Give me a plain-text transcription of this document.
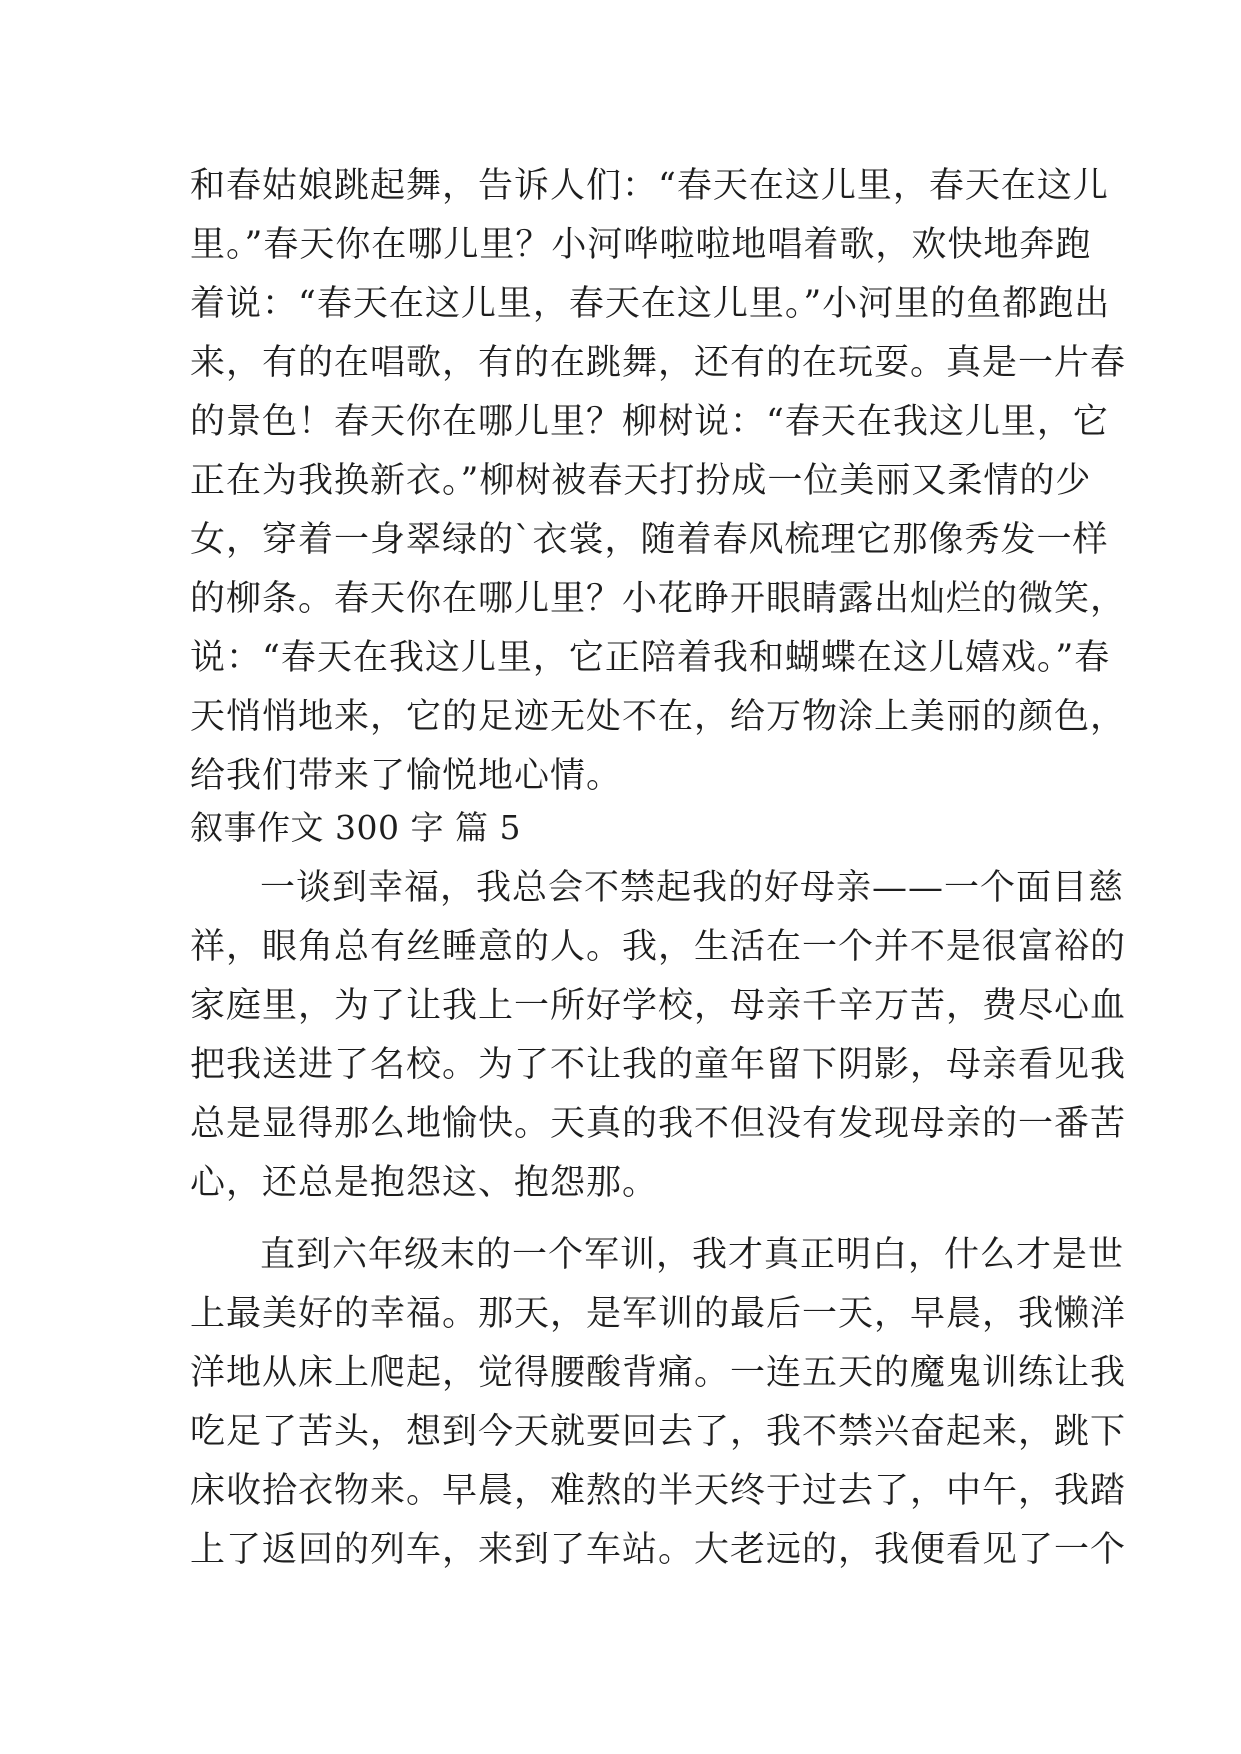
和春姑娘跳起舞，告诉人们：“春天在这儿里，春天在这儿
里。”春天你在哪儿里？小河哗啦啦地唱着歌，欢快地奔跑
着说：“春天在这儿里，春天在这儿里。”小河里的鱼都跑出
来，有的在唱歌，有的在跳舞，还有的在玩耍。真是一片春
的景色！春天你在哪儿里？柳树说：“春天在我这儿里，它
正在为我换新衣。”柳树被春天打扮成一位美丽又柔情的少
女，穿着一身翠绿的`衣裳，随着春风梳理它那像秀发一样
的柳条。春天你在哪儿里？小花睁开眼睛露出灿烂的微笑，
说：“春天在我这儿里，它正陪着我和蝴蝶在这儿嬉戏。”春
天悄悄地来，它的足迹无处不在，给万物涂上美丽的颜色，
给我们带来了愉悦地心情。
叙事作文 300 字 篇 5
一谈到幸福，我总会不禁起我的好母亲——一个面目慈
祥，眼角总有丝睡意的人。我，生活在一个并不是很富裕的
家庭里，为了让我上一所好学校，母亲千辛万苦，费尽心血
把我送进了名校。为了不让我的童年留下阴影，母亲看见我
总是显得那么地愉快。天真的我不但没有发现母亲的一番苦
心，还总是抱怨这、抱怨那。
直到六年级末的一个军训，我才真正明白，什么才是世
上最美好的幸福。那天，是军训的最后一天，早晨，我懒洋
洋地从床上爬起，觉得腰酸背痛。一连五天的魔鬼训练让我
吃足了苦头，想到今天就要回去了，我不禁兴奋起来，跳下
床收拾衣物来。早晨，难熬的半天终于过去了，中午，我踏
上了返回的列车，来到了车站。大老远的，我便看见了一个
